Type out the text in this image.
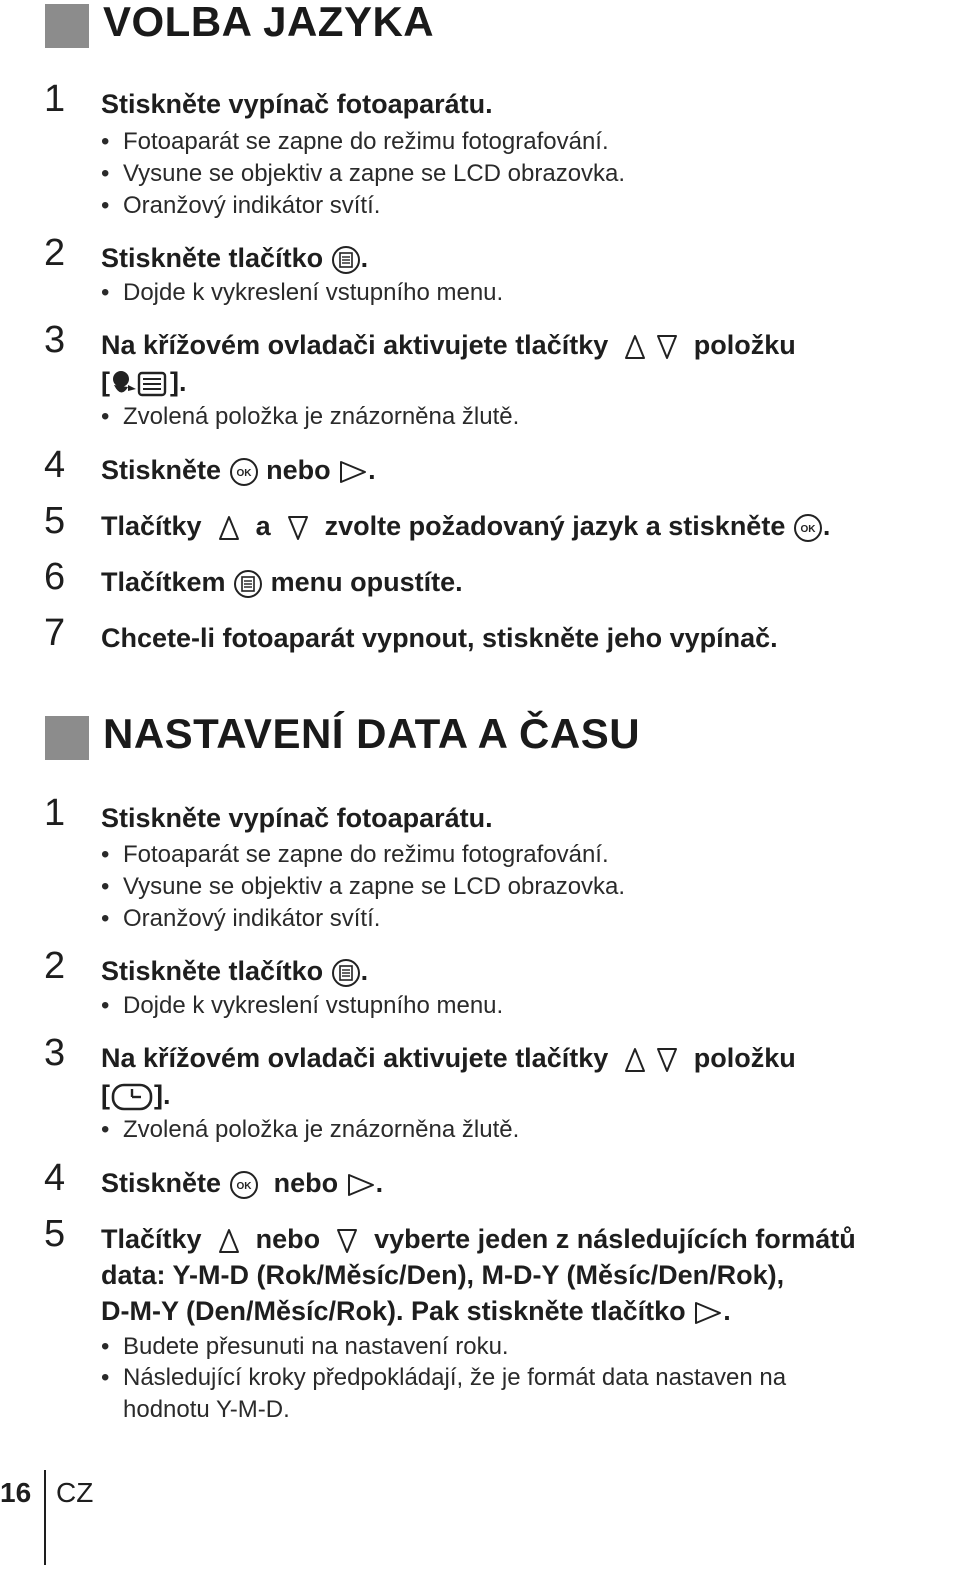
VOLBA JAZYKA
1 Stiskněte vypínač fotoaparátu.
• Fotoaparát se zapne do režimu fotografování.
• Vysune se objektiv a zapne se LCD obrazovka.
• Oranžový indikátor svítí.
2 Stiskněte tlačítko .
• Dojde k vykreslení vstupního menu.
3 Na křížovém ovladači aktivujete tlačítky	položku
[ ].
• Zvolená položka je znázorněna žlutě.
4 Stiskněte OK nebo .
5 Tlačítky a zvolte požadovaný jazyk a stiskněte OK .
6 Tlačítkem menu opustíte.
7 Chcete-li fotoaparát vypnout, stiskněte jeho vypínač.
NASTAVENÍ DATA A ČASU
1 Stiskněte vypínač fotoaparátu.
• Fotoaparát se zapne do režimu fotografování.
• Vysune se objektiv a zapne se LCD obrazovka.
• Oranžový indikátor svítí.
2 Stiskněte tlačítko .
• Dojde k vykreslení vstupního menu.
3 Na křížovém ovladači aktivujete tlačítky	položku
[ ].
• Zvolená položka je znázorněna žlutě.
4 Stiskněte OK nebo .
5 Tlačítky nebo vyberte jeden z následujících formátů
data: Y-M-D (Rok/Měsíc/Den), M-D-Y (Měsíc/Den/Rok),
D-M-Y (Den/Měsíc/Rok). Pak stiskněte tlačítko .
• Budete přesunuti na nastavení roku.
• Následující kroky předpokládají, že je formát data nastaven na
hodnotu Y-M-D.
16 CZ
